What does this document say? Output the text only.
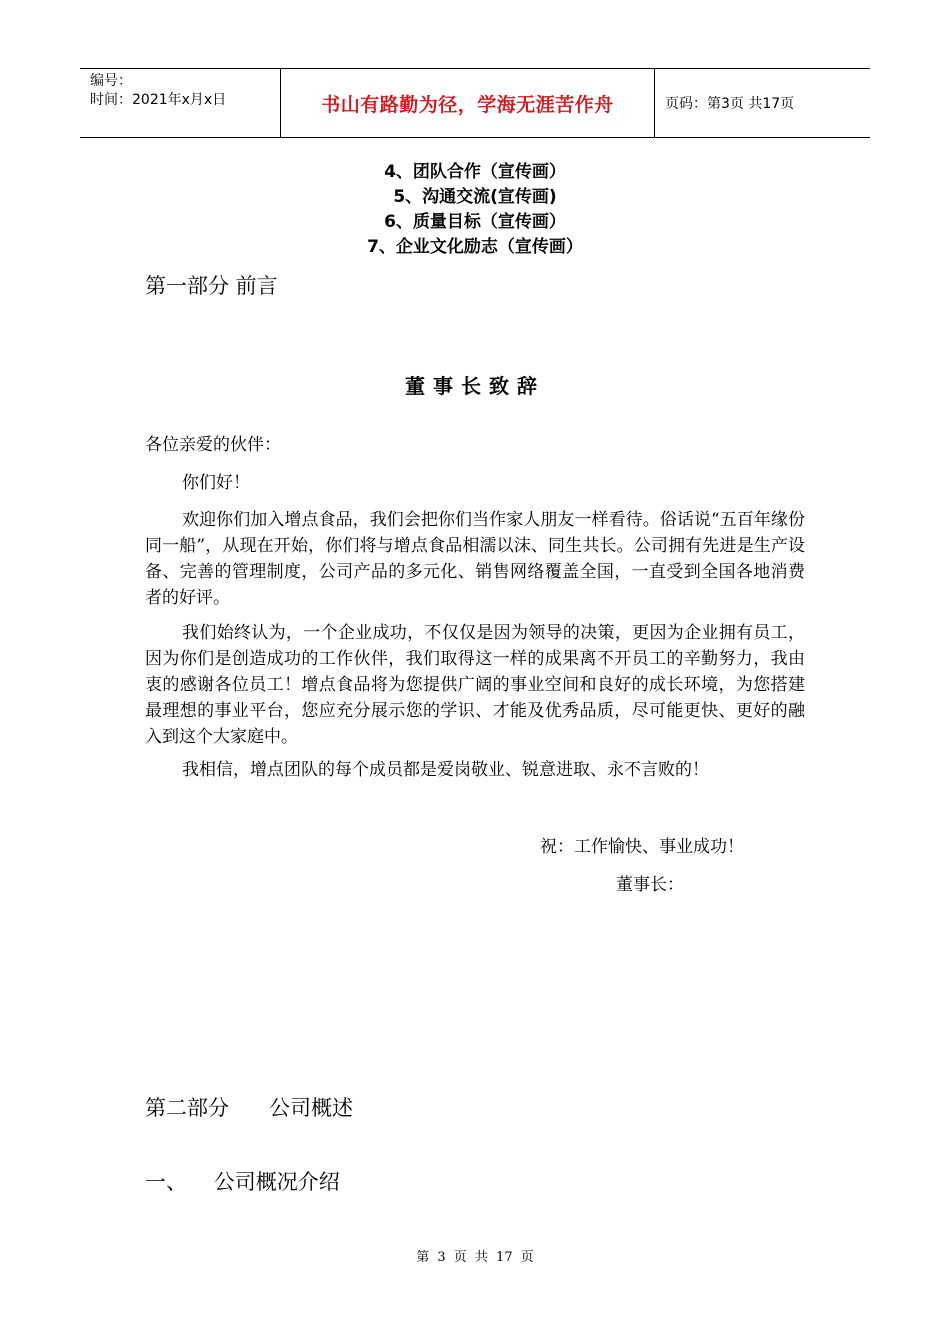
编号：
时间：2021年x月x日	书山有路勤为径，学海无涯苦作舟	页码：第3页 共17页
4、团队合作（宣传画）
5、沟通交流(宣传画)
6、质量目标（宣传画）
7、企业文化励志（宣传画）
第一部分 前言
董事长致辞
各位亲爱的伙伴：
你们好！
欢迎你们加入增点食品，我们会把你们当作家人朋友一样看待。俗话说“五百年缘份同一船”，从现在开始，你们将与增点食品相濡以沫、同生共长。公司拥有先进是生产设备、完善的管理制度，公司产品的多元化、销售网络覆盖全国，一直受到全国各地消费者的好评。
我们始终认为，一个企业成功，不仅仅是因为领导的决策，更因为企业拥有员工，因为你们是创造成功的工作伙伴，我们取得这一样的成果离不开员工的辛勤努力，我由衷的感谢各位员工！增点食品将为您提供广阔的事业空间和良好的成长环境，为您搭建最理想的事业平台，您应充分展示您的学识、才能及优秀品质，尽可能更快、更好的融入到这个大家庭中。
我相信，增点团队的每个成员都是爱岗敬业、锐意进取、永不言败的！
祝：工作愉快、事业成功！
董事长：
第二部分      公司概述
一、    公司概况介绍
第 3 页 共 17 页
